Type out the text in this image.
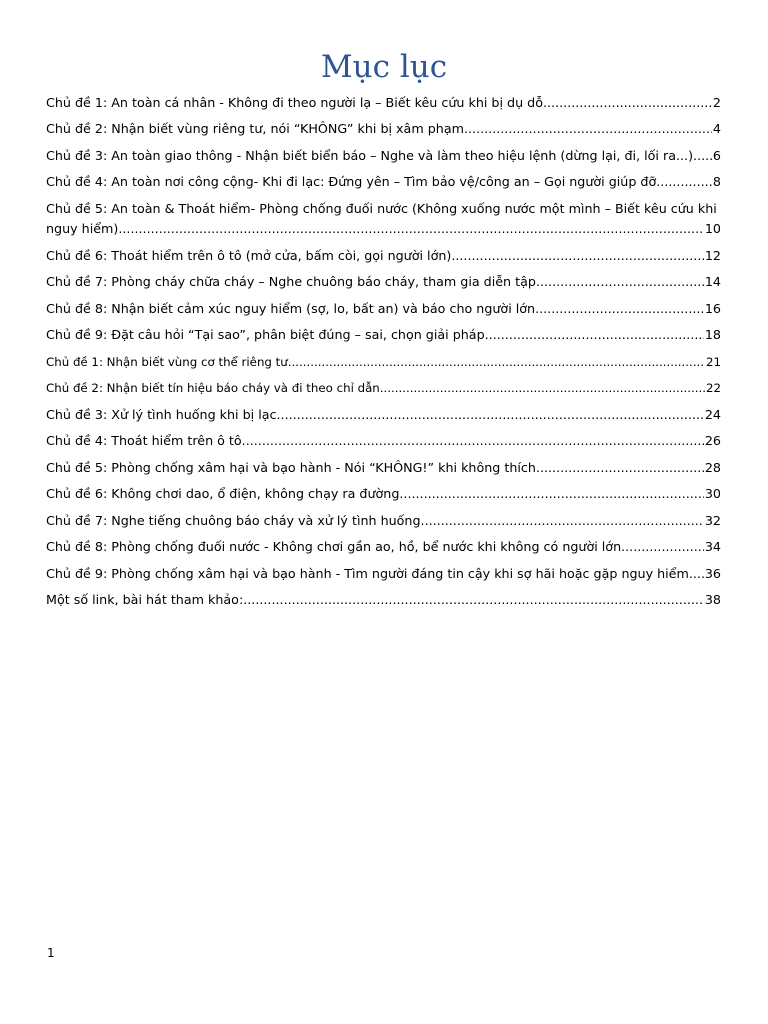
Mục lục
Chủ đề 1: An toàn cá nhân - Không đi theo người lạ – Biết kêu cứu khi bị dụ dỗ .....	2
Chủ đề 2: Nhận biết vùng riêng tư, nói “KHÔNG” khi bị xâm phạm .....	4
Chủ đề 3: An toàn giao thông - Nhận biết biển báo – Nghe và làm theo hiệu lệnh (dừng lại, đi, lối ra...) ..... 6
Chủ đề 4: An toàn nơi công cộng- Khi đi lạc: Đứng yên – Tìm bảo vệ/công an – Gọi người giúp đỡ .....	8
Chủ đề 5: An toàn & Thoát hiểm- Phòng chống đuối nước (Không xuống nước một mình – Biết kêu cứu khi
nguy hiểm) .....	10
Chủ đề 6: Thoát hiểm trên ô tô (mở cửa, bấm còi, gọi người lớn) .....	12
Chủ đề 7: Phòng cháy chữa cháy – Nghe chuông báo cháy, tham gia diễn tập .....	14
Chủ đề 8: Nhận biết cảm xúc nguy hiểm (sợ, lo, bất an) và báo cho người lớn .....	16
Chủ đề 9: Đặt câu hỏi “Tại sao”, phân biệt đúng – sai, chọn giải pháp .....	18
Chủ đề 1: Nhận biết vùng cơ thể riêng tư .....	21
Chủ đề 2: Nhận biết tín hiệu báo cháy và đi theo chỉ dẫn .....	22
Chủ đề 3: Xử lý tình huống khi bị lạc .....	24
Chủ đề 4: Thoát hiểm trên ô tô .....	26
Chủ đề 5: Phòng chống xâm hại và bạo hành - Nói “KHÔNG!” khi không thích .....	28
Chủ đề 6: Không chơi dao, ổ điện, không chạy ra đường .....	30
Chủ đề 7: Nghe tiếng chuông báo cháy và xử lý tình huống .....	32
Chủ đề 8: Phòng chống đuối nước - Không chơi gần ao, hồ, bể nước khi không có người lớn .....	34
Chủ đề 9: Phòng chống xâm hại và bạo hành - Tìm người đáng tin cậy khi sợ hãi hoặc gặp nguy hiểm ..... 36
Một số link, bài hát tham khảo: .....	38
1
